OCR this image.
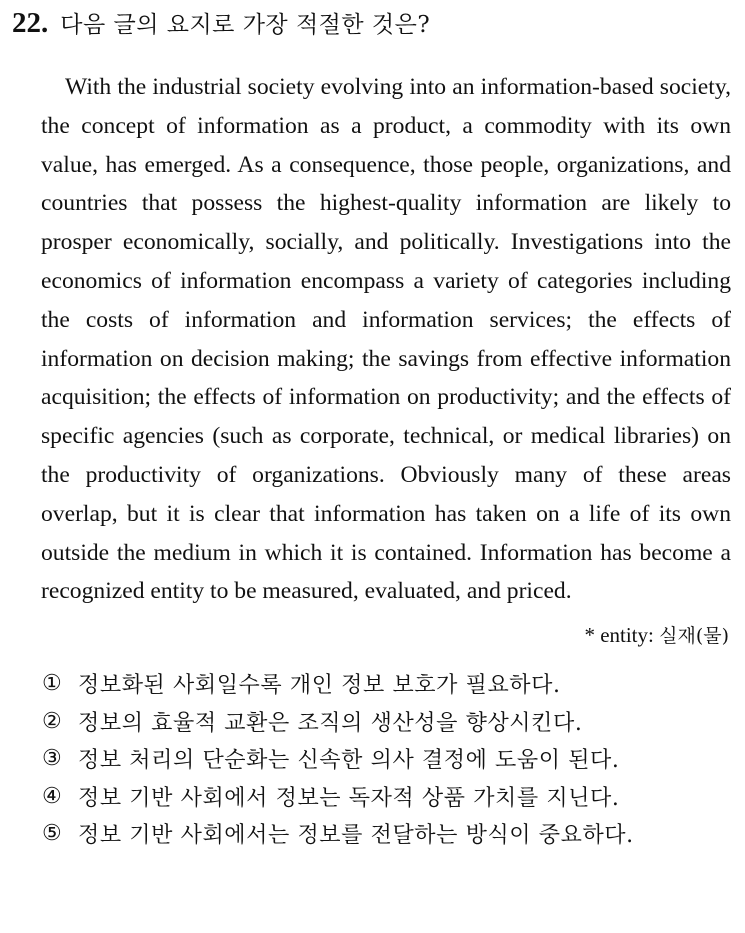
22. 다음 글의 요지로 가장 적절한 것은?

With the industrial society evolving into an information-based society, the concept of information as a product, a commodity with its own value, has emerged. As a consequence, those people, organizations, and countries that possess the highest-quality information are likely to prosper economically, socially, and politically. Investigations into the economics of information encompass a variety of categories including the costs of information and information services; the effects of information on decision making; the savings from effective information acquisition; the effects of information on productivity; and the effects of specific agencies (such as corporate, technical, or medical libraries) on the productivity of organizations. Obviously many of these areas overlap, but it is clear that information has taken on a life of its own outside the medium in which it is contained. Information has become a recognized entity to be measured, evaluated, and priced.

* entity: 실재(물)
① 정보화된 사회일수록 개인 정보 보호가 필요하다.
② 정보의 효율적 교환은 조직의 생산성을 향상시킨다.
③ 정보 처리의 단순화는 신속한 의사 결정에 도움이 된다.
④ 정보 기반 사회에서 정보는 독자적 상품 가치를 지닌다.
⑤ 정보 기반 사회에서는 정보를 전달하는 방식이 중요하다.
